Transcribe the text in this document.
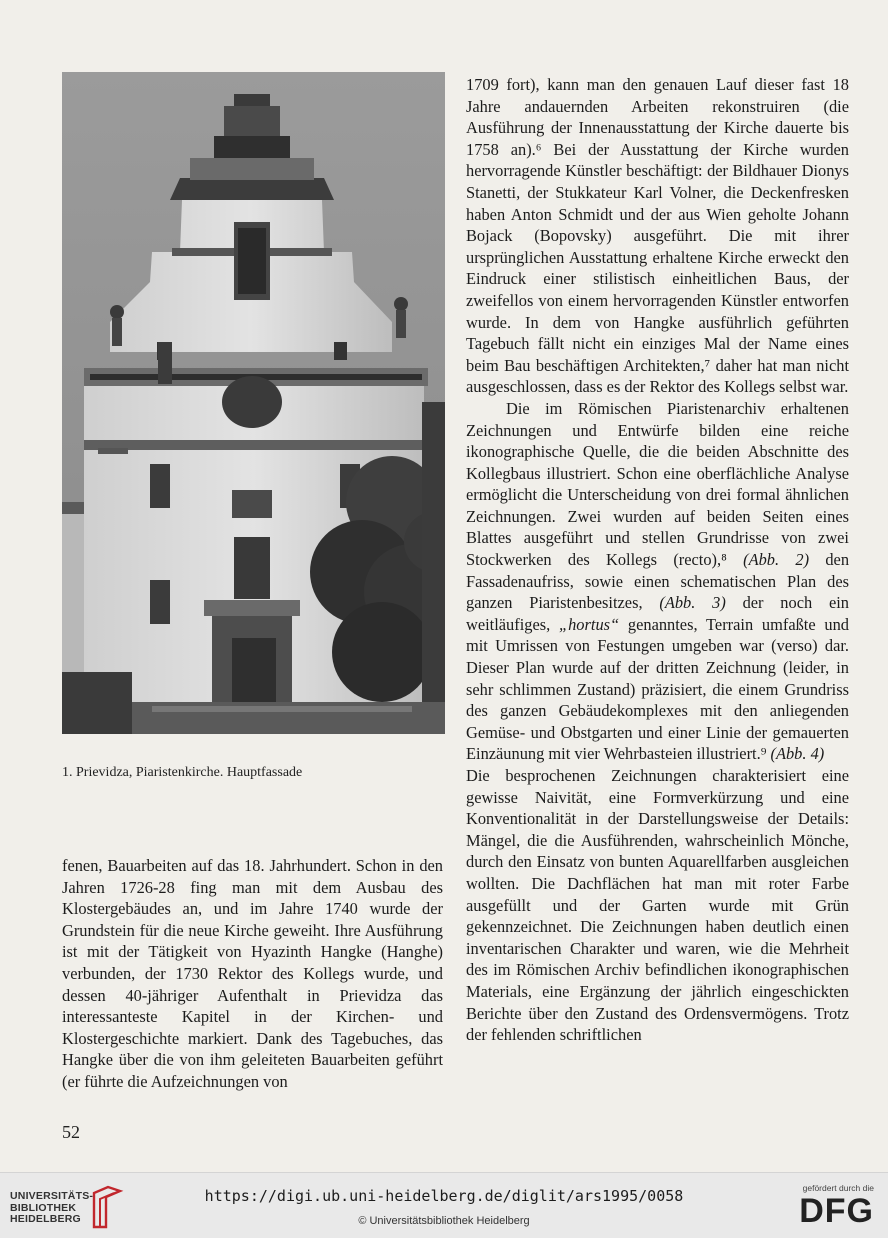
1. Prievidza, Piaristenkirche. Hauptfassade

fenen, Bauarbeiten auf das 18. Jahrhundert. Schon in den Jahren 1726-28 fing man mit dem Ausbau des Klostergebäudes an, und im Jahre 1740 wurde der Grundstein für die neue Kirche geweiht. Ihre Ausführung ist mit der Tätigkeit von Hyazinth Hangke (Hanghe) verbunden, der 1730 Rektor des Kollegs wurde, und dessen 40-jähriger Aufenthalt in Prievidza das interessanteste Kapitel in der Kirchen- und Klostergeschichte markiert. Dank des Tagebuches, das Hangke über die von ihm geleiteten Bauarbeiten geführt (er führte die Aufzeichnungen von

1709 fort), kann man den genauen Lauf dieser fast 18 Jahre andauernden Arbeiten rekonstruiren (die Ausführung der Innenausstattung der Kirche dauerte bis 1758 an).⁶ Bei der Ausstattung der Kirche wurden hervorragende Künstler beschäftigt: der Bildhauer Dionys Stanetti, der Stukkateur Karl Volner, die Deckenfresken haben Anton Schmidt und der aus Wien geholte Johann Bojack (Bopovsky) ausgeführt. Die mit ihrer ursprünglichen Ausstattung erhaltene Kirche erweckt den Eindruck einer stilistisch einheitlichen Baus, der zweifellos von einem hervorragenden Künstler entworfen wurde. In dem von Hangke ausführlich geführten Tagebuch fällt nicht ein einziges Mal der Name eines beim Bau beschäftigen Architekten,⁷ daher hat man nicht ausgeschlossen, dass es der Rektor des Kollegs selbst war.

Die im Römischen Piaristenarchiv erhaltenen Zeichnungen und Entwürfe bilden eine reiche ikonographische Quelle, die die beiden Abschnitte des Kollegbaus illustriert. Schon eine oberflächliche Analyse ermöglicht die Unterscheidung von drei formal ähnlichen Zeichnungen. Zwei wurden auf beiden Seiten eines Blattes ausgeführt und stellen Grundrisse von zwei Stockwerken des Kollegs (recto),⁸ (Abb. 2) den Fassadenaufriss, sowie einen schematischen Plan des ganzen Piaristenbesitzes, (Abb. 3) der noch ein weitläufiges, „hortus“ genanntes, Terrain umfaßte und mit Umrissen von Festungen umgeben war (verso) dar. Dieser Plan wurde auf der dritten Zeichnung (leider, in sehr schlimmen Zustand) präzisiert, die einem Grundriss des ganzen Gebäudekomplexes mit den anliegenden Gemüse- und Obstgarten und einer Linie der gemauerten Einzäunung mit vier Wehrbasteien illustriert.⁹ (Abb. 4)

Die besprochenen Zeichnungen charakterisiert eine gewisse Naivität, eine Formverkürzung und eine Konventionalität in der Darstellungsweise der Details: Mängel, die die Ausführenden, wahrscheinlich Mönche, durch den Einsatz von bunten Aquarellfarben ausgleichen wollten. Die Dachflächen hat man mit roter Farbe ausgefüllt und der Garten wurde mit Grün gekennzeichnet. Die Zeichnungen haben deutlich einen inventarischen Charakter und waren, wie die Mehrheit des im Römischen Archiv befindlichen ikonographischen Materials, eine Ergänzung der jährlich eingeschickten Berichte über den Zustand des Ordensvermögens. Trotz der fehlenden schriftlichen

52
UNIVERSITÄTS-
BIBLIOTHEK
HEIDELBERG
https://digi.ub.uni-heidelberg.de/diglit/ars1995/0058
© Universitätsbibliothek Heidelberg
gefördert durch die
DFG
